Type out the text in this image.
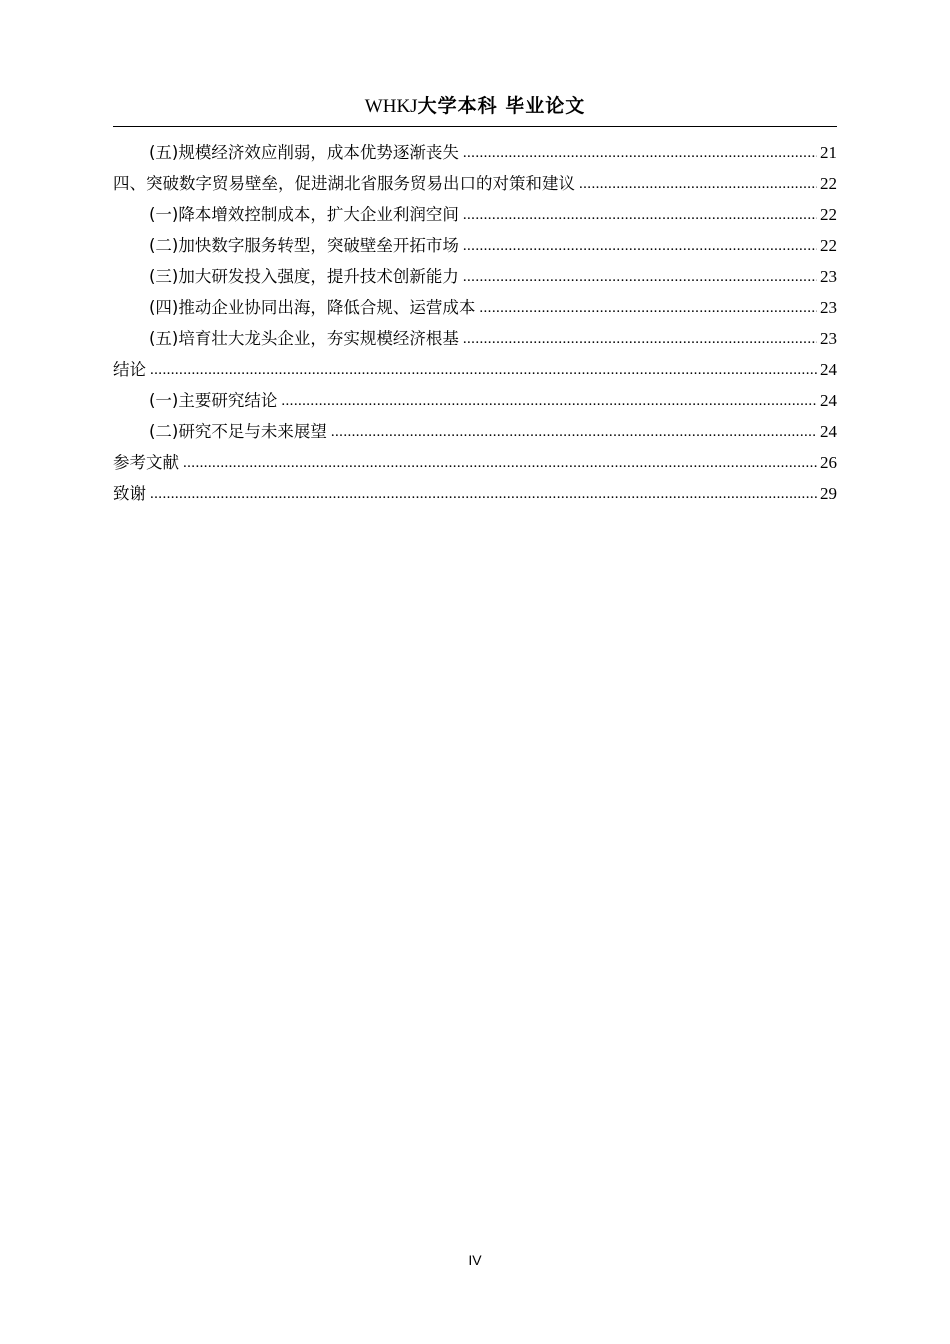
WHKJ大学本科 毕业论文
(五)规模经济效应削弱，成本优势逐渐丧失 .....	21
四、突破数字贸易壁垒，促进湖北省服务贸易出口的对策和建议 .....	22
(一)降本增效控制成本，扩大企业利润空间 .....	22
(二)加快数字服务转型，突破壁垒开拓市场 .....	22
(三)加大研发投入强度，提升技术创新能力 .....	23
(四)推动企业协同出海，降低合规、运营成本 .....	23
(五)培育壮大龙头企业，夯实规模经济根基 .....	23
结论 .....	24
(一)主要研究结论 .....	24
(二)研究不足与未来展望 .....	24
参考文献 .....	26
致谢 .....	29
IV
